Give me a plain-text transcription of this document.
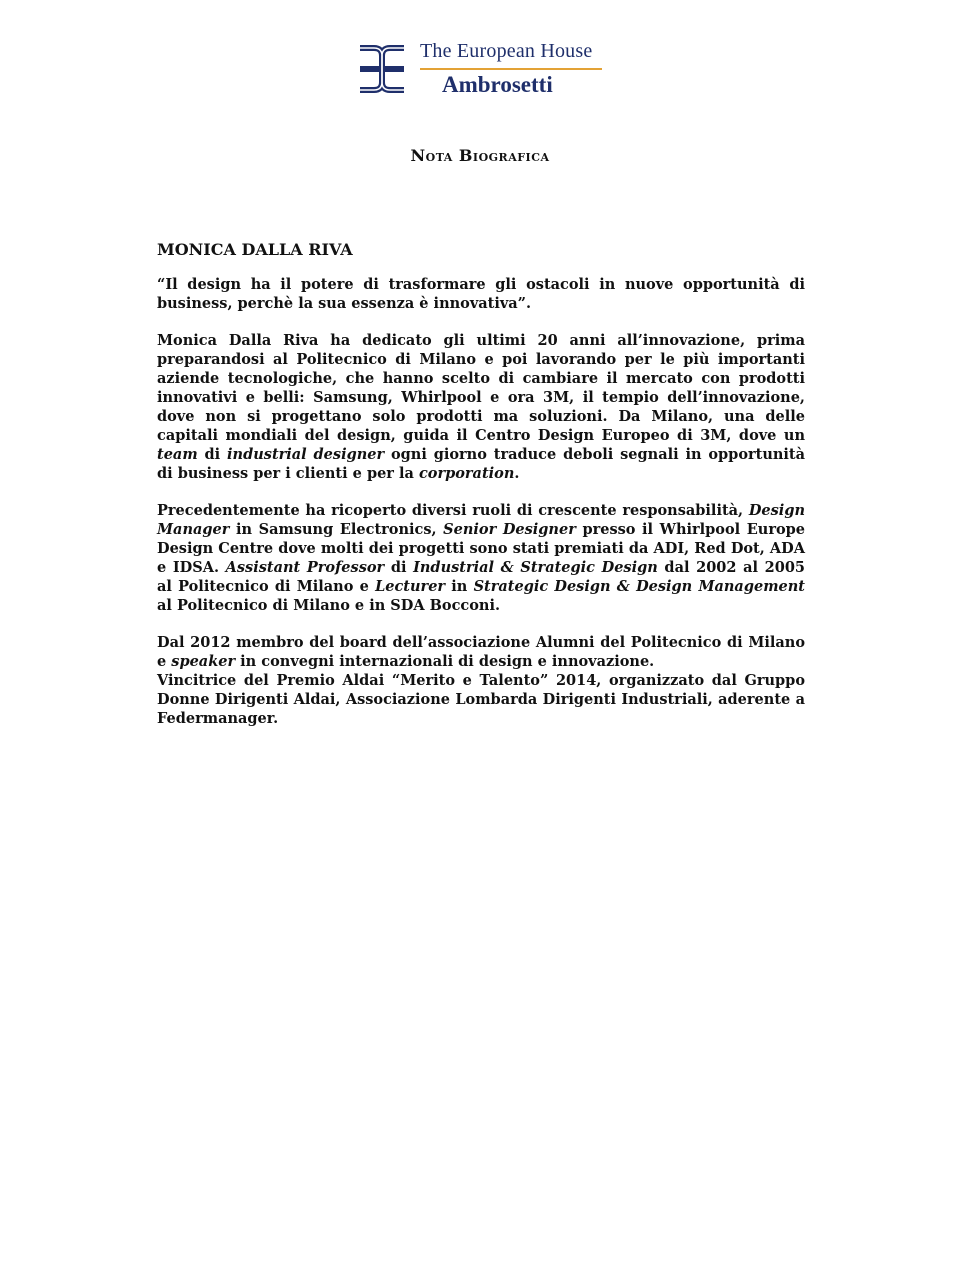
The European House
Ambrosetti
Nota Biografica
MONICA DALLA RIVA

“Il design ha il potere di trasformare gli ostacoli in nuove opportunità di business, perchè la sua essenza è innovativa”.

Monica Dalla Riva ha dedicato gli ultimi 20 anni all’innovazione, prima preparandosi al Politecnico di Milano e poi lavorando per le più importanti aziende tecnologiche, che hanno scelto di cambiare il mercato con prodotti innovativi e belli: Samsung, Whirlpool e ora 3M, il tempio dell’innovazione, dove non si progettano solo prodotti ma soluzioni. Da Milano, una delle capitali mondiali del design, guida il Centro Design Europeo di 3M, dove un team di industrial designer ogni giorno traduce deboli segnali in opportunità di business per i clienti e per la corporation.

Precedentemente ha ricoperto diversi ruoli di crescente responsabilità, Design Manager in Samsung Electronics, Senior Designer presso il Whirlpool Europe Design Centre dove molti dei progetti sono stati premiati da ADI, Red Dot, ADA e IDSA. Assistant Professor di Industrial & Strategic Design dal 2002 al 2005 al Politecnico di Milano e Lecturer in Strategic Design & Design Management al Politecnico di Milano e in SDA Bocconi.

Dal 2012 membro del board dell’associazione Alumni del Politecnico di Milano e speaker in convegni internazionali di design e innovazione.

Vincitrice del Premio Aldai “Merito e Talento” 2014, organizzato dal Gruppo Donne Dirigenti Aldai, Associazione Lombarda Dirigenti Industriali, aderente a Federmanager.
